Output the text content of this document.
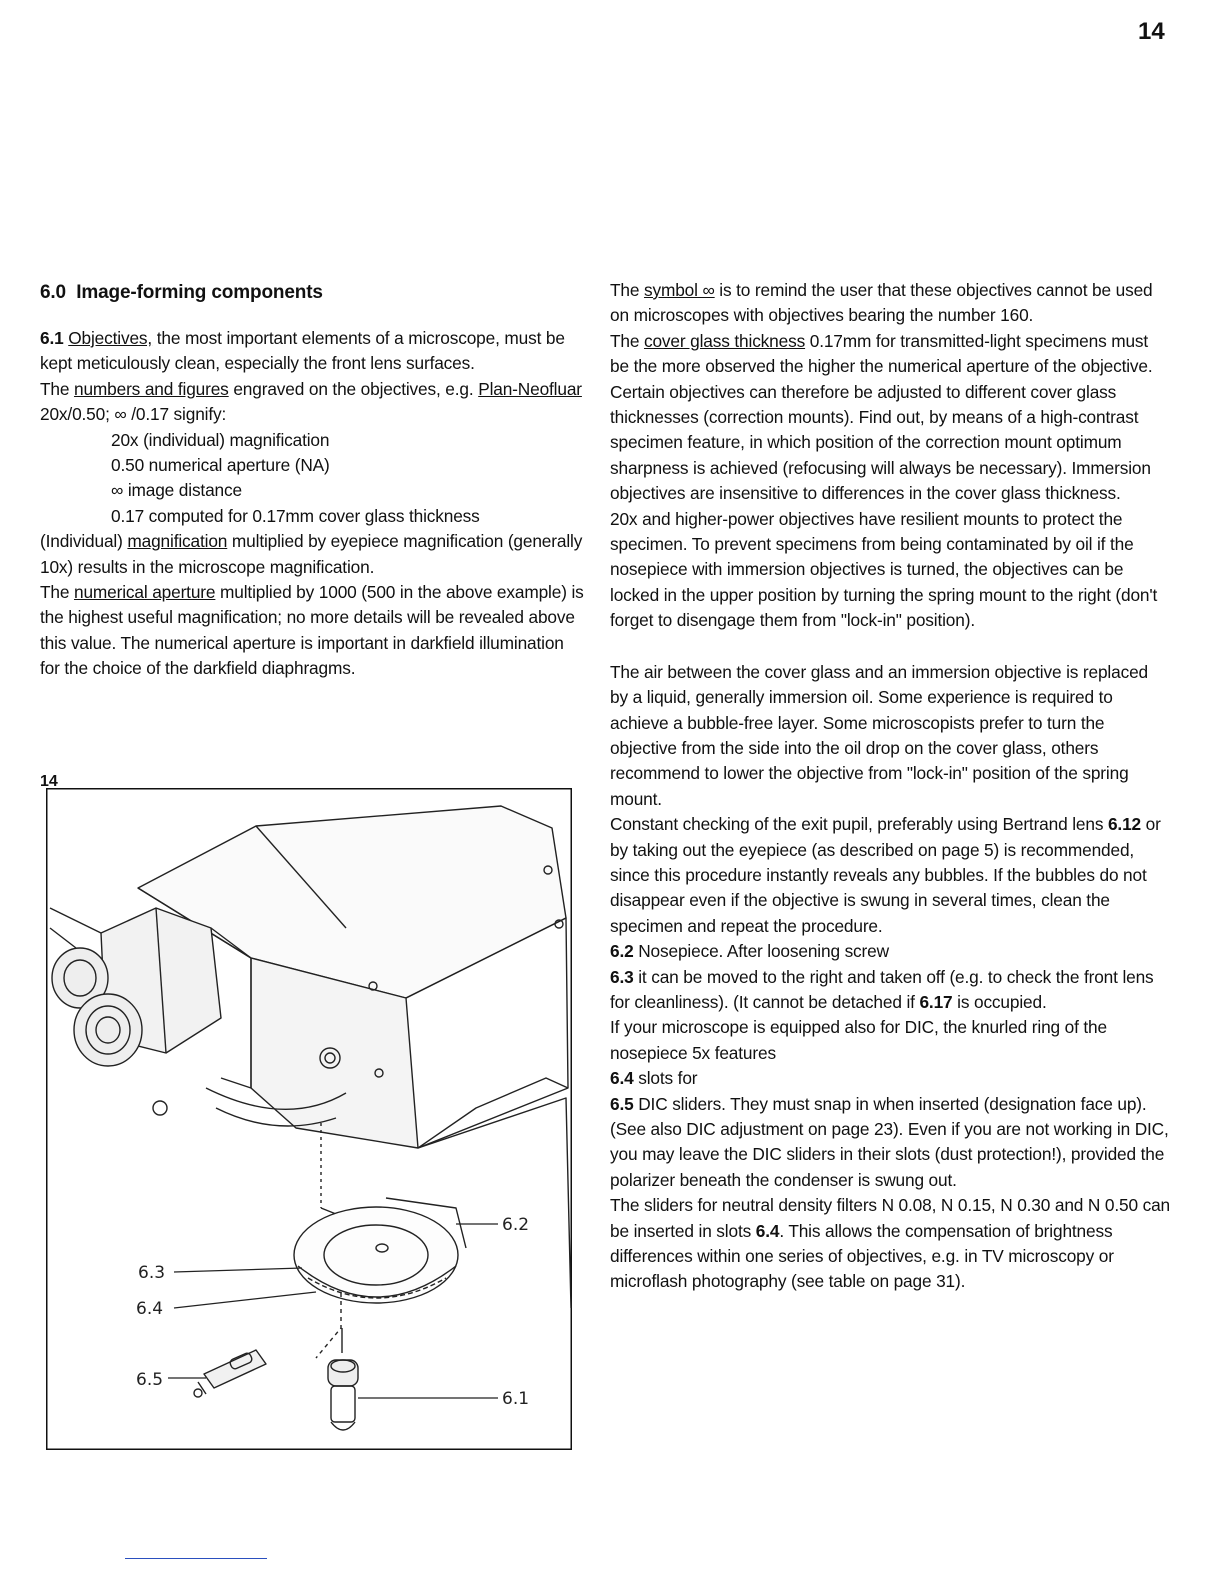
14
6.0 Image-forming components

6.1 Objectives, the most important elements of a microscope, must be kept meticulously clean, especially the front lens surfaces.

The numbers and figures engraved on the objectives, e.g. Plan-Neofluar 20x/0.50; ∞ /0.17 signify:

20x (individual) magnification
0.50 numerical aperture (NA)
∞ image distance
0.17 computed for 0.17mm cover glass thickness

(Individual) magnification multiplied by eyepiece magnification (generally 10x) results in the microscope magnification.

The numerical aperture multiplied by 1000 (500 in the above example) is the highest useful magnification; no more details will be revealed above this value. The numerical aperture is important in darkfield illumination for the choice of the darkfield diaphragms.

14
6.2
6.3
6.4
6.5
6.1

The symbol ∞ is to remind the user that these objectives cannot be used on microscopes with objectives bearing the number 160.

The cover glass thickness 0.17mm for transmitted-light specimens must be the more observed the higher the numerical aperture of the objective. Certain objectives can therefore be adjusted to different cover glass thicknesses (correction mounts). Find out, by means of a high-contrast specimen feature, in which position of the correction mount optimum sharpness is achieved (refocusing will always be necessary). Immersion objectives are insensitive to differences in the cover glass thickness.

20x and higher-power objectives have resilient mounts to protect the specimen. To prevent specimens from being contaminated by oil if the nosepiece with immersion objectives is turned, the objectives can be locked in the upper position by turning the spring mount to the right (don't forget to disengage them from "lock-in" position).

The air between the cover glass and an immersion objective is replaced by a liquid, generally immersion oil. Some experience is required to achieve a bubble-free layer. Some microscopists prefer to turn the objective from the side into the oil drop on the cover glass, others recommend to lower the objective from "lock-in" position of the spring mount.

Constant checking of the exit pupil, preferably using Bertrand lens 6.12 or by taking out the eyepiece (as described on page 5) is recommended, since this procedure instantly reveals any bubbles. If the bubbles do not disappear even if the objective is swung in several times, clean the specimen and repeat the procedure.

6.2 Nosepiece. After loosening screw

6.3 it can be moved to the right and taken off (e.g. to check the front lens for cleanliness). (It cannot be detached if 6.17 is occupied.

If your microscope is equipped also for DIC, the knurled ring of the nosepiece 5x features

6.4 slots for

6.5 DIC sliders. They must snap in when inserted (designation face up). (See also DIC adjustment on page 23). Even if you are not working in DIC, you may leave the DIC sliders in their slots (dust protection!), provided the polarizer beneath the condenser is swung out.

The sliders for neutral density filters N 0.08, N 0.15, N 0.30 and N 0.50 can be inserted in slots 6.4. This allows the compensation of brightness differences within one series of objectives, e.g. in TV microscopy or microflash photography (see table on page 31).
